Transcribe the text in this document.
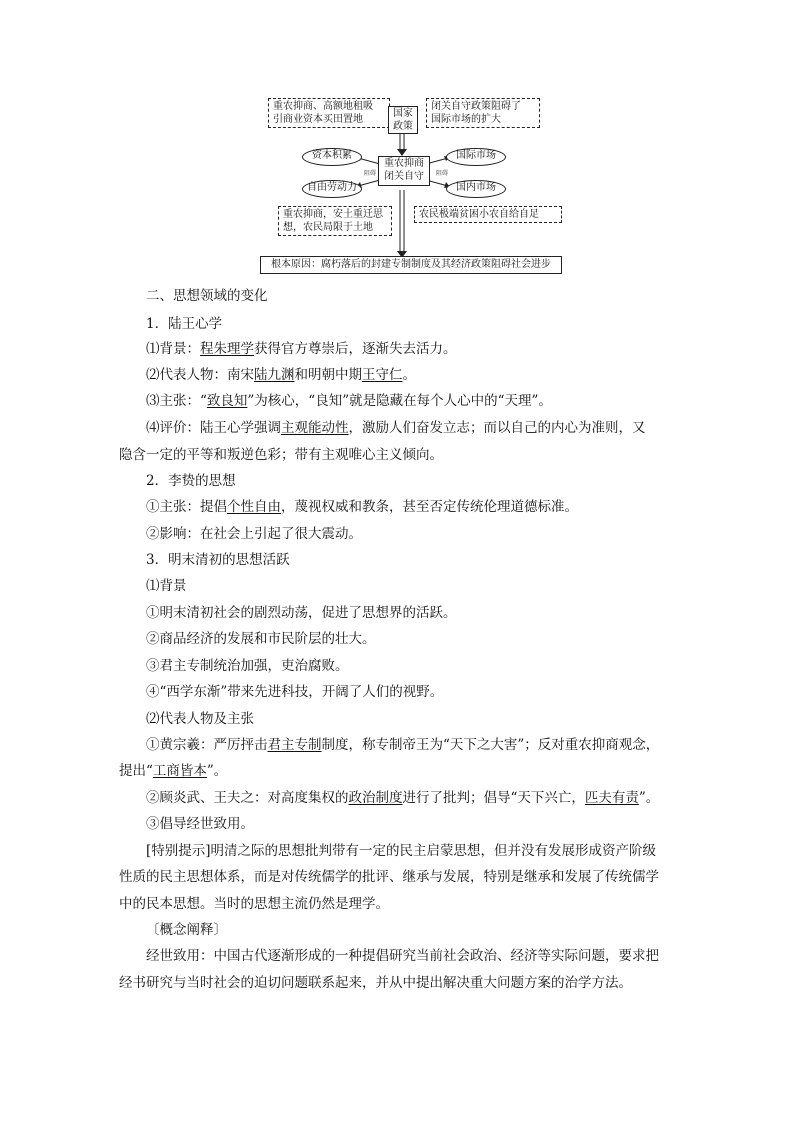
重农抑商、高额地租吸
引商业资本买田置地
国家
政策
闭关自守政策阻碍了
国际市场的扩大
资本积累
自由劳动力
重农抑商
闭关自守
阻碍	阻碍
国际市场
国内市场
重农抑商，安土重迁思
想，农民局限于土地
农民极端贫困小农自给自足
根本原因：腐朽落后的封建专制制度及其经济政策阻碍社会进步
二、思想领域的变化
1．陆王心学
⑴背景：程朱理学获得官方尊崇后，逐渐失去活力。
⑵代表人物：南宋陆九渊和明朝中期王守仁。
⑶主张：“致良知”为核心，“良知”就是隐藏在每个人心中的“天理”。
⑷评价：陆王心学强调主观能动性，激励人们奋发立志；而以自己的内心为准则，又
隐含一定的平等和叛逆色彩；带有主观唯心主义倾向。
2．李贽的思想
①主张：提倡个性自由，蔑视权威和教条，甚至否定传统伦理道德标准。
②影响：在社会上引起了很大震动。
3．明末清初的思想活跃
⑴背景
①明末清初社会的剧烈动荡，促进了思想界的活跃。
②商品经济的发展和市民阶层的壮大。
③君主专制统治加强，吏治腐败。
④“西学东渐”带来先进科技，开阔了人们的视野。
⑵代表人物及主张
①黄宗羲：严厉抨击君主专制制度，称专制帝王为“天下之大害”；反对重农抑商观念，
提出“工商皆本”。
②顾炎武、王夫之：对高度集权的政治制度进行了批判；倡导“天下兴亡，匹夫有责”。
③倡导经世致用。
[特别提示]明清之际的思想批判带有一定的民主启蒙思想，但并没有发展形成资产阶级
性质的民主思想体系，而是对传统儒学的批评、继承与发展，特别是继承和发展了传统儒学
中的民本思想。当时的思想主流仍然是理学。
〔概念阐释〕
经世致用：中国古代逐渐形成的一种提倡研究当前社会政治、经济等实际问题，要求把
经书研究与当时社会的迫切问题联系起来，并从中提出解决重大问题方案的治学方法。
